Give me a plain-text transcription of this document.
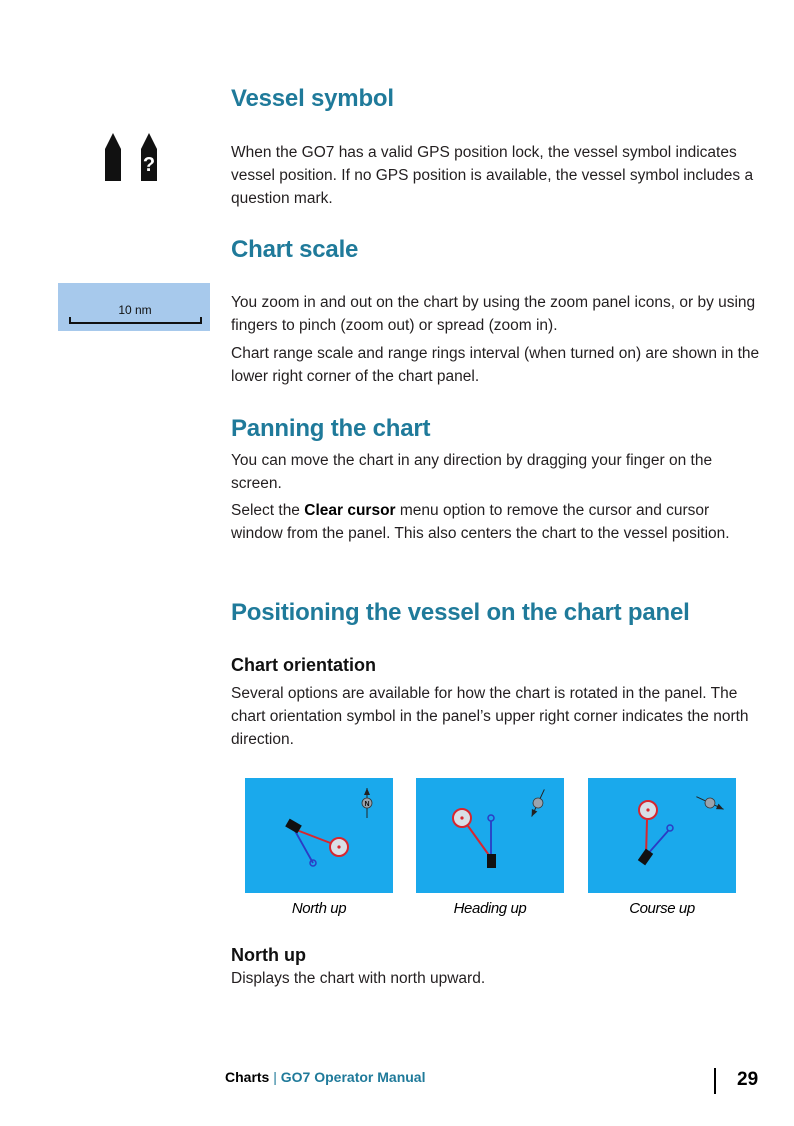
Vessel symbol
?

When the GO7 has a valid GPS position lock, the vessel symbol indicates vessel position. If no GPS position is available, the vessel symbol includes a question mark.

Chart scale
10 nm	You zoom in and out on the chart by using the zoom panel icons, or by using fingers to pinch (zoom out) or spread (zoom in).

Chart range scale and range rings interval (when turned on) are shown in the lower right corner of the chart panel.

Panning the chart

You can move the chart in any direction by dragging your finger on the screen.

Select the Clear cursor menu option to remove the cursor and cursor window from the panel. This also centers the chart to the vessel position.

Positioning the vessel on the chart panel
Chart orientation

Several options are available for how the chart is rotated in the panel. The chart orientation symbol in the panel’s upper right corner indicates the north direction.

N
North up	Heading up	Course up
North up

Displays the chart with north upward.

Charts | GO7 Operator Manual	29
